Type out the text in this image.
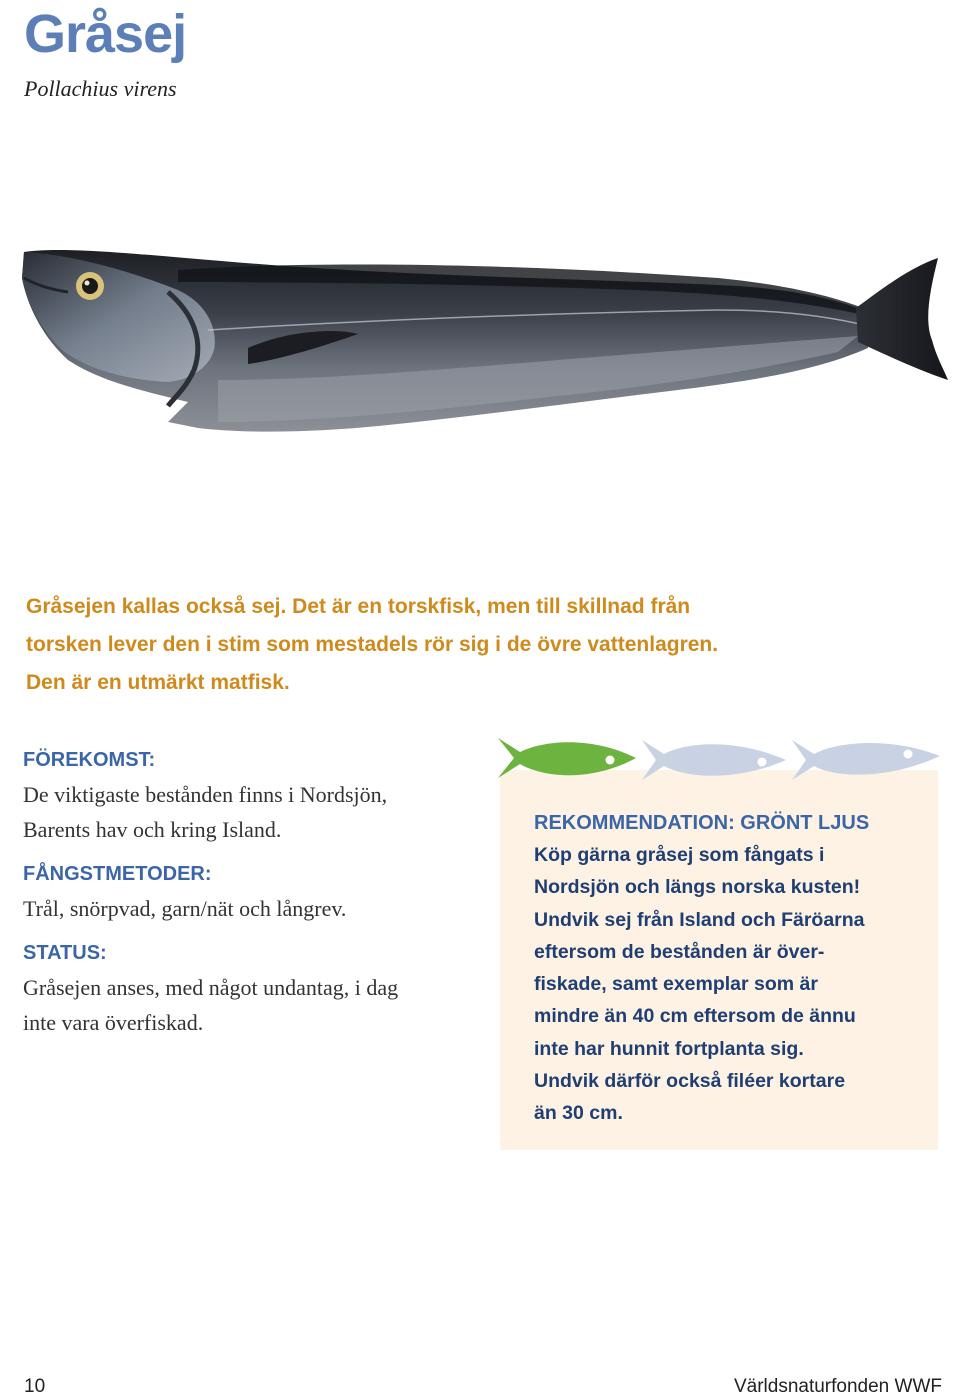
Gråsej
Pollachius virens

Gråsejen kallas också sej. Det är en torskfisk, men till skillnad från
torsken lever den i stim som mestadels rör sig i de övre vattenlagren.
Den är en utmärkt matfisk.

FÖREKOMST:

De viktigaste bestånden finns i Nordsjön,
Barents hav och kring Island.

FÅNGSTMETODER:

Trål, snörpvad, garn/nät och långrev.

STATUS:

Gråsejen anses, med något undantag, i dag
inte vara överfiskad.

REKOMMENDATION: GRÖNT LJUS

Köp gärna gråsej som fångats i
Nordsjön och längs norska kusten!
Undvik sej från Island och Färöarna
eftersom de bestånden är över-
fiskade, samt exemplar som är
mindre än 40 cm eftersom de ännu
inte har hunnit fortplanta sig.
Undvik därför också filéer kortare
än 30 cm.

10	Världsnaturfonden WWF
